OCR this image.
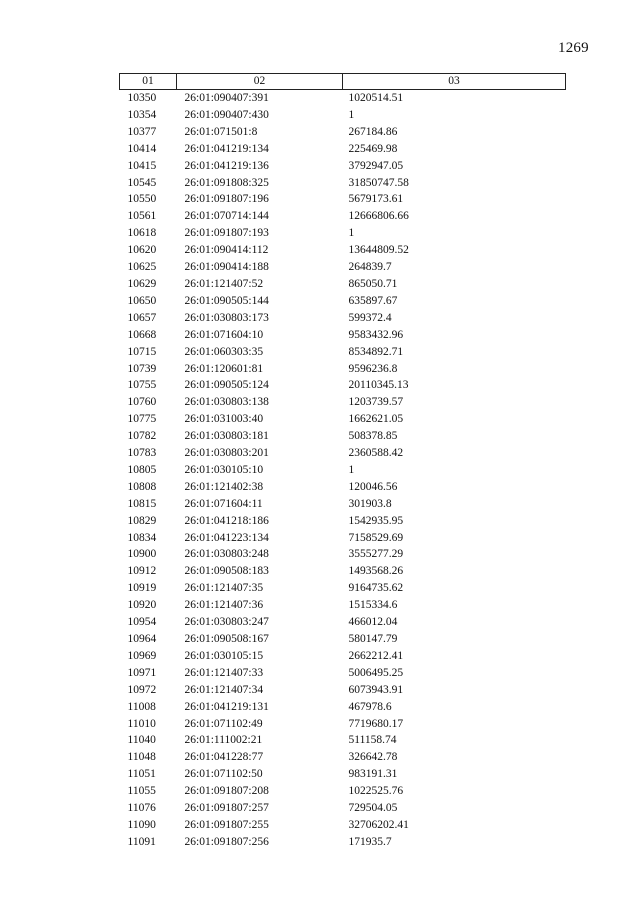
1269
01	02	03
10350	26:01:090407:391	1020514.51
10354	26:01:090407:430	1
10377	26:01:071501:8	267184.86
10414	26:01:041219:134	225469.98
10415	26:01:041219:136	3792947.05
10545	26:01:091808:325	31850747.58
10550	26:01:091807:196	5679173.61
10561	26:01:070714:144	12666806.66
10618	26:01:091807:193	1
10620	26:01:090414:112	13644809.52
10625	26:01:090414:188	264839.7
10629	26:01:121407:52	865050.71
10650	26:01:090505:144	635897.67
10657	26:01:030803:173	599372.4
10668	26:01:071604:10	9583432.96
10715	26:01:060303:35	8534892.71
10739	26:01:120601:81	9596236.8
10755	26:01:090505:124	20110345.13
10760	26:01:030803:138	1203739.57
10775	26:01:031003:40	1662621.05
10782	26:01:030803:181	508378.85
10783	26:01:030803:201	2360588.42
10805	26:01:030105:10	1
10808	26:01:121402:38	120046.56
10815	26:01:071604:11	301903.8
10829	26:01:041218:186	1542935.95
10834	26:01:041223:134	7158529.69
10900	26:01:030803:248	3555277.29
10912	26:01:090508:183	1493568.26
10919	26:01:121407:35	9164735.62
10920	26:01:121407:36	1515334.6
10954	26:01:030803:247	466012.04
10964	26:01:090508:167	580147.79
10969	26:01:030105:15	2662212.41
10971	26:01:121407:33	5006495.25
10972	26:01:121407:34	6073943.91
11008	26:01:041219:131	467978.6
11010	26:01:071102:49	7719680.17
11040	26:01:111002:21	511158.74
11048	26:01:041228:77	326642.78
11051	26:01:071102:50	983191.31
11055	26:01:091807:208	1022525.76
11076	26:01:091807:257	729504.05
11090	26:01:091807:255	32706202.41
11091	26:01:091807:256	171935.7
